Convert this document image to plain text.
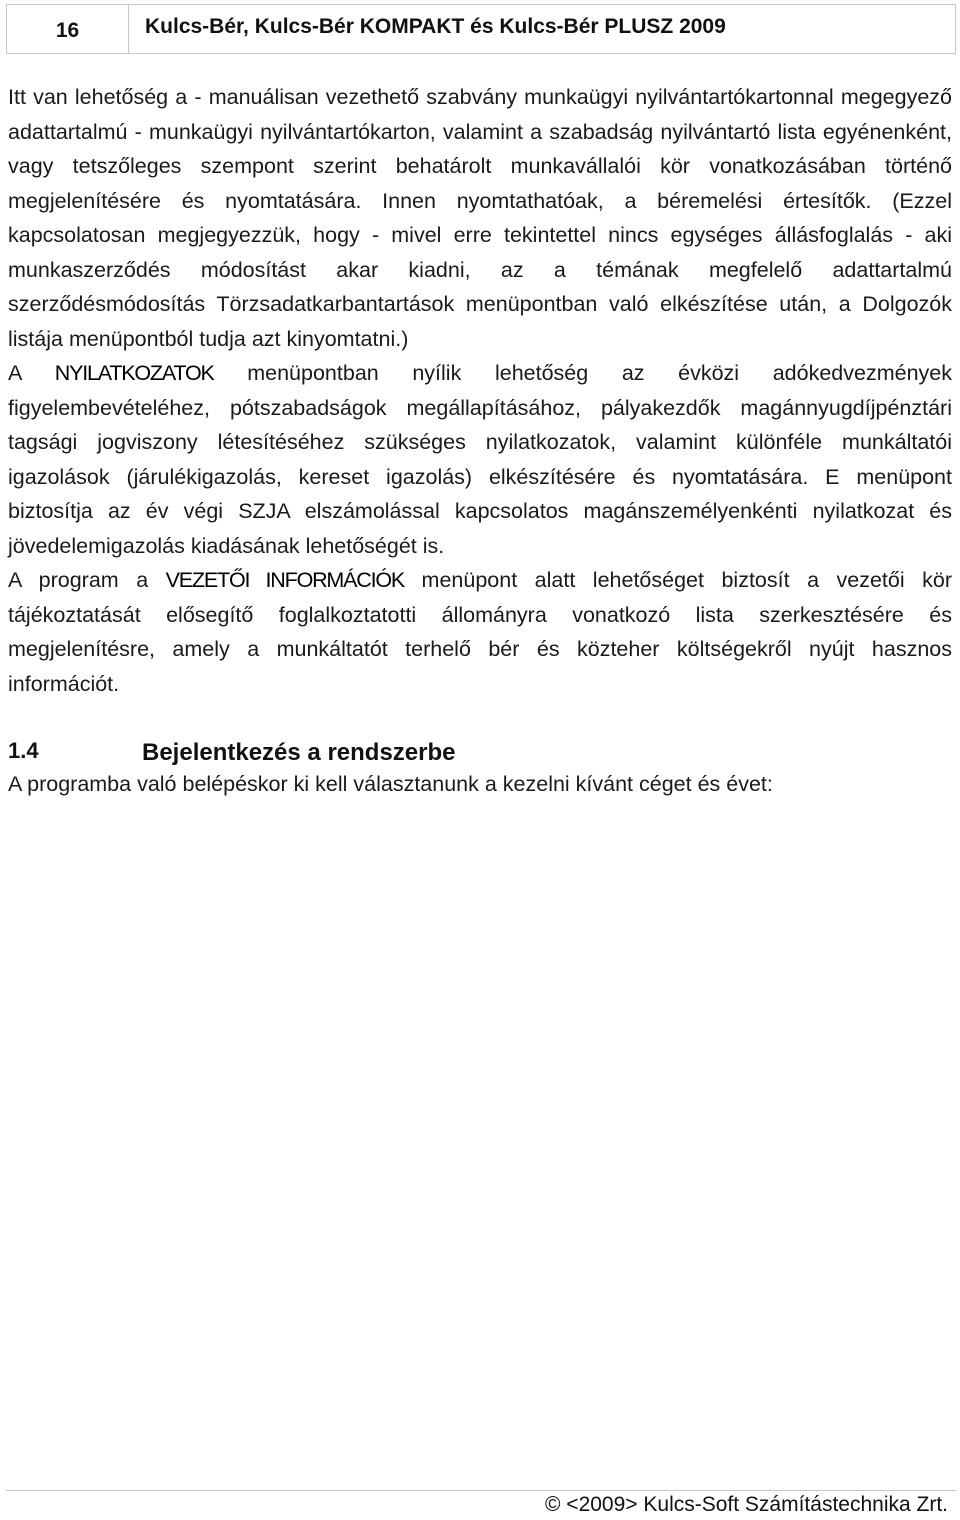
16	Kulcs-Bér, Kulcs-Bér KOMPAKT és Kulcs-Bér PLUSZ 2009

Itt van lehetőség a - manuálisan vezethető szabvány munkaügyi nyilvántartókartonnal megegyező adattartalmú - munkaügyi nyilvántartókarton, valamint a szabadság nyilvántartó lista egyénenként, vagy tetszőleges szempont szerint behatárolt munkavállalói kör vonatkozásában történő megjelenítésére és nyomtatására. Innen nyomtathatóak, a béremelési értesítők. (Ezzel kapcsolatosan megjegyezzük, hogy - mivel erre tekintettel nincs egységes állásfoglalás - aki munkaszerződés módosítást akar kiadni, az a témának megfelelő adattartalmú szerződésmódosítás Törzsadatkarbantartások menüpontban való elkészítése után, a Dolgozók listája menüpontból tudja azt kinyomtatni.)

A NYILATKOZATOK menüpontban nyílik lehetőség az évközi adókedvezmények figyelembevételéhez, pótszabadságok megállapításához, pályakezdők magánnyugdíjpénztári tagsági jogviszony létesítéséhez szükséges nyilatkozatok, valamint különféle munkáltatói igazolások (járulékigazolás, kereset igazolás) elkészítésére és nyomtatására. E menüpont biztosítja az év végi SZJA elszámolással kapcsolatos magánszemélyenkénti nyilatkozat és jövedelemigazolás kiadásának lehetőségét is.

A program a VEZETŐI INFORMÁCIÓK menüpont alatt lehetőséget biztosít a vezetői kör tájékoztatását elősegítő foglalkoztatotti állományra vonatkozó lista szerkesztésére és megjelenítésre, amely a munkáltatót terhelő bér és közteher költségekről nyújt hasznos információt.

1.4	Bejelentkezés a rendszerbe

A programba való belépéskor ki kell választanunk a kezelni kívánt céget és évet:

© <2009> Kulcs-Soft Számítástechnika Zrt.
